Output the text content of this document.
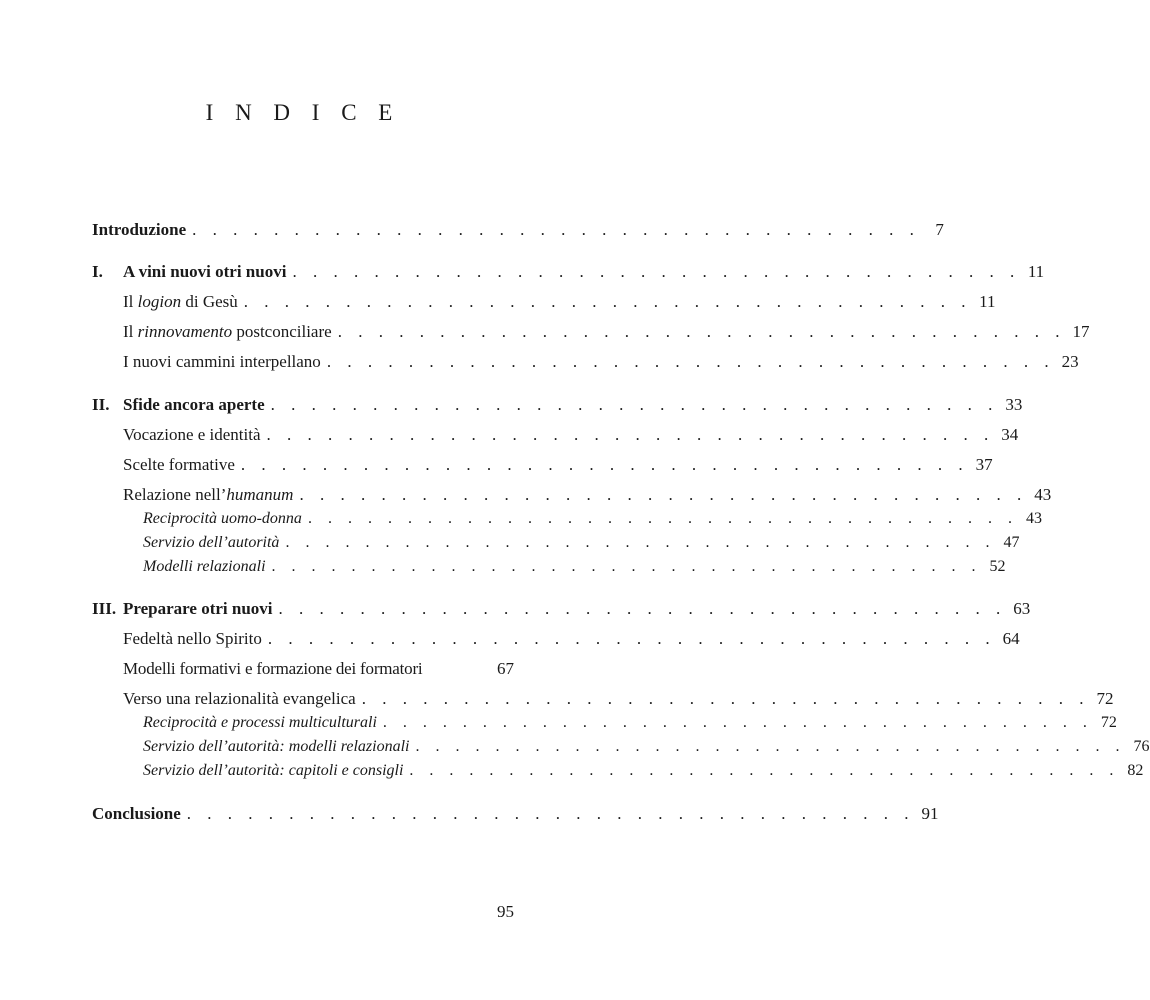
I N D I C E
Introduzione . . . . . . . . . . . . . . . . . . . . . . . . . . . . . . . . . . . . 7
I.	A vini nuovi otri nuovi . . . . . . . . . . . . . . . . . . . . . . . . . . . . . . . . . . . . 11
Il logion di Gesù . . . . . . . . . . . . . . . . . . . . . . . . . . . . . . . . . . . . 11
Il rinnovamento postconciliare . . . . . . . . . . . . . . . . . . . . . . . . . . . . . . . . . . . . 17
I nuovi cammini interpellano . . . . . . . . . . . . . . . . . . . . . . . . . . . . . . . . . . . . 23
II. Sfide ancora aperte . . . . . . . . . . . . . . . . . . . . . . . . . . . . . . . . . . . . 33
Vocazione e identità . . . . . . . . . . . . . . . . . . . . . . . . . . . . . . . . . . . . 34
Scelte formative . . . . . . . . . . . . . . . . . . . . . . . . . . . . . . . . . . . . 37
Relazione nell’humanum . . . . . . . . . . . . . . . . . . . . . . . . . . . . . . . . . . . . 43
Reciprocità uomo-donna . . . . . . . . . . . . . . . . . . . . . . . . . . . . . . . . . . . . 43
Servizio dell’autorità . . . . . . . . . . . . . . . . . . . . . . . . . . . . . . . . . . . . 47
Modelli relazionali . . . . . . . . . . . . . . . . . . . . . . . . . . . . . . . . . . . . 52
III. Preparare otri nuovi . . . . . . . . . . . . . . . . . . . . . . . . . . . . . . . . . . . . 63
Fedeltà nello Spirito . . . . . . . . . . . . . . . . . . . . . . . . . . . . . . . . . . . . 64
Modelli formativi e formazione dei formatori	67
Verso una relazionalità evangelica . . . . . . . . . . . . . . . . . . . . . . . . . . . . . . . . . . . . 72
Reciprocità e processi multiculturali . . . . . . . . . . . . . . . . . . . . . . . . . . . . . . . . . . . . 72
Servizio dell’autorità: modelli relazionali . . . . . . . . . . . . . . . . . . . . . . . . . . . . . . . . . . . . 76
Servizio dell’autorità: capitoli e consigli . . . . . . . . . . . . . . . . . . . . . . . . . . . . . . . . . . . . 82
Conclusione . . . . . . . . . . . . . . . . . . . . . . . . . . . . . . . . . . . . 91
95
